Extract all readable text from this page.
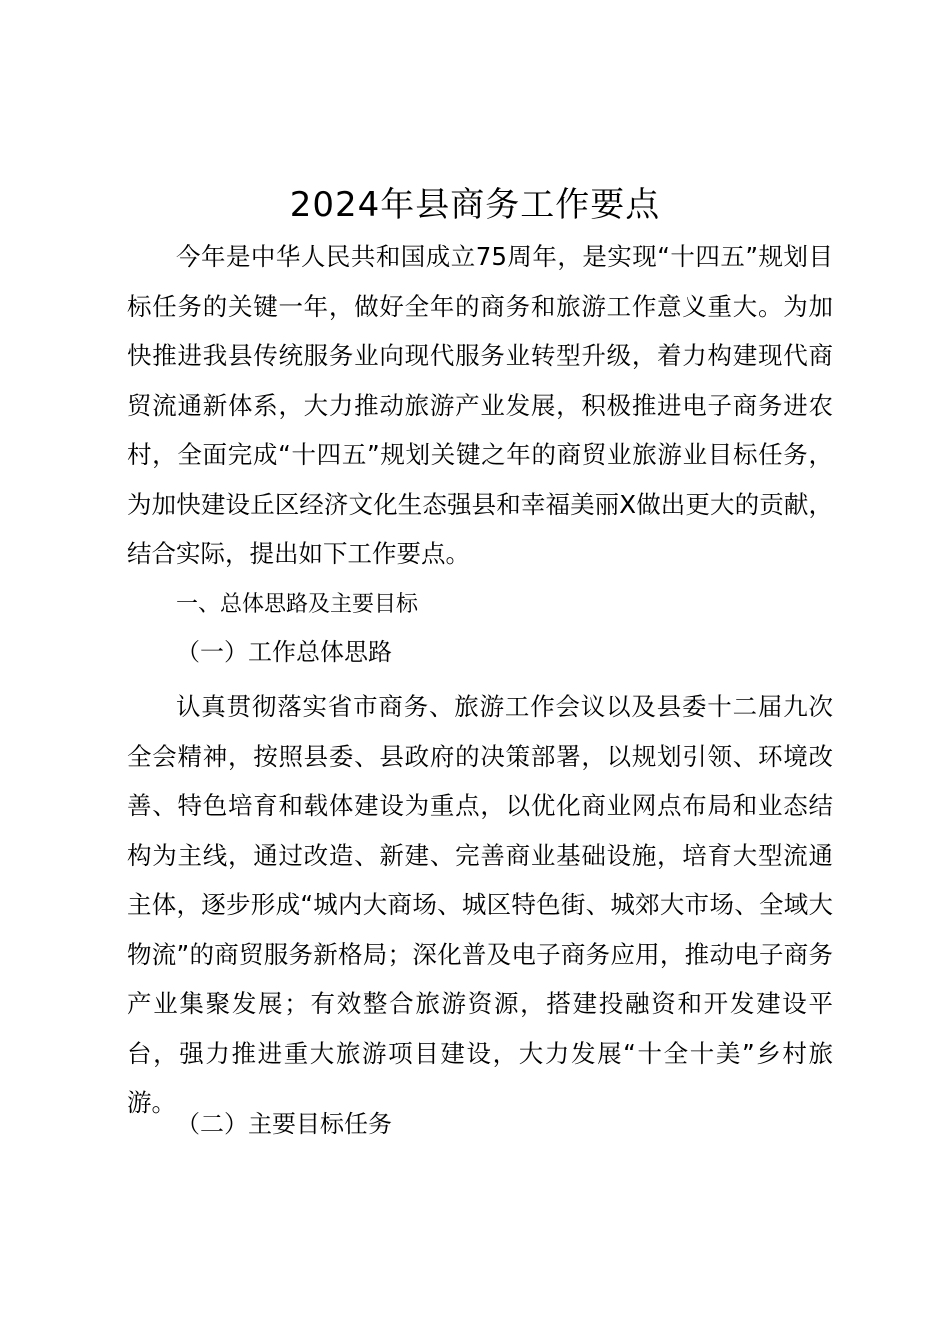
2024年县商务工作要点

今年是中华人民共和国成立75周年，是实现“十四五”规划目标任务的关键一年，做好全年的商务和旅游工作意义重大。为加快推进我县传统服务业向现代服务业转型升级，着力构建现代商贸流通新体系，大力推动旅游产业发展，积极推进电子商务进农村，全面完成“十四五”规划关键之年的商贸业旅游业目标任务，为加快建设丘区经济文化生态强县和幸福美丽X做出更大的贡献，结合实际，提出如下工作要点。

一、总体思路及主要目标

（一）工作总体思路

认真贯彻落实省市商务、旅游工作会议以及县委十二届九次全会精神，按照县委、县政府的决策部署，以规划引领、环境改善、特色培育和载体建设为重点，以优化商业网点布局和业态结构为主线，通过改造、新建、完善商业基础设施，培育大型流通主体，逐步形成“城内大商场、城区特色街、城郊大市场、全域大物流”的商贸服务新格局；深化普及电子商务应用，推动电子商务产业集聚发展；有效整合旅游资源，搭建投融资和开发建设平台，强力推进重大旅游项目建设，大力发展“十全十美”乡村旅游。

（二）主要目标任务
